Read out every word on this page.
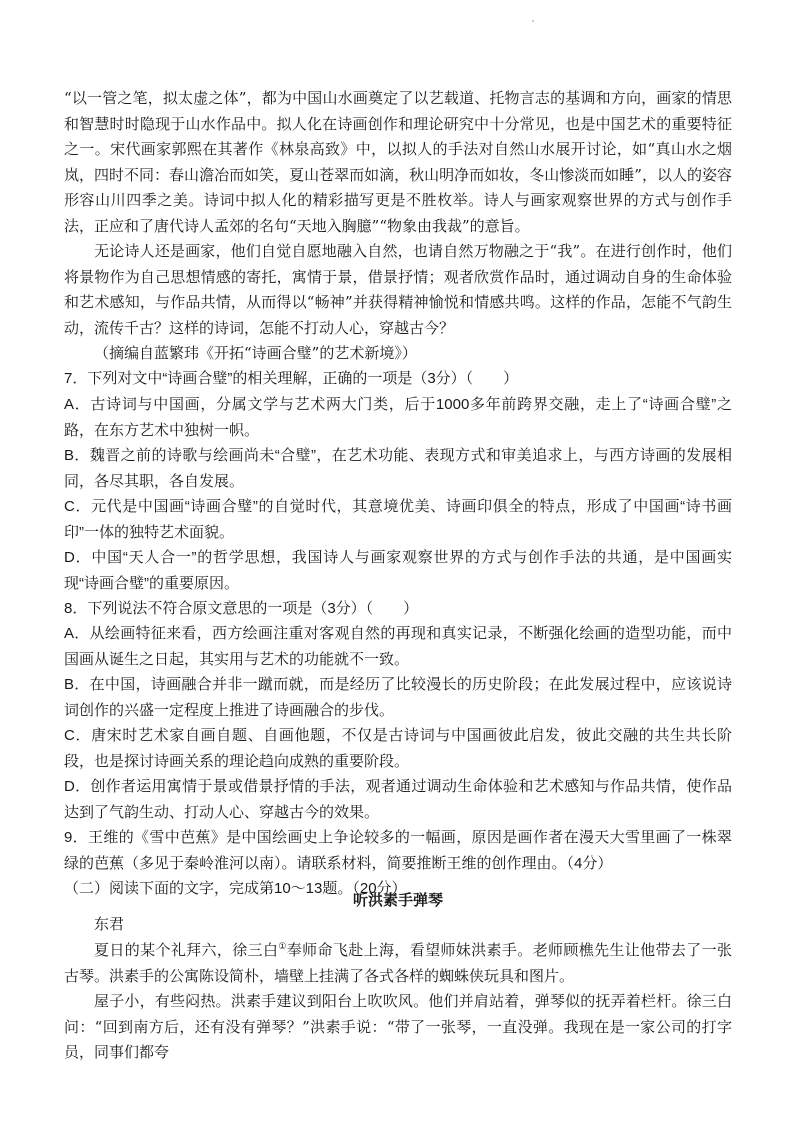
“以一管之笔，拟太虚之体”，都为中国山水画奠定了以艺载道、托物言志的基调和方向，画家的情思和智慧时时隐现于山水作品中。拟人化在诗画创作和理论研究中十分常见，也是中国艺术的重要特征之一。宋代画家郭熙在其著作《林泉高致》中，以拟人的手法对自然山水展开讨论，如“真山水之烟岚，四时不同：春山澹冶而如笑，夏山苍翠而如滴，秋山明净而如妆，冬山惨淡而如睡”，以人的姿容形容山川四季之美。诗词中拟人化的精彩描写更是不胜枚举。诗人与画家观察世界的方式与创作手法，正应和了唐代诗人孟郊的名句“天地入胸臆”“物象由我裁”的意旨。
无论诗人还是画家，他们自觉自愿地融入自然，也请自然万物融之于“我”。在进行创作时，他们将景物作为自己思想情感的寄托，寓情于景，借景抒情；观者欣赏作品时，通过调动自身的生命体验和艺术感知，与作品共情，从而得以“畅神”并获得精神愉悦和情感共鸣。这样的作品，怎能不气韵生动，流传千古？这样的诗词，怎能不打动人心，穿越古今？
（摘编自蓝繁玮《开拓“诗画合璧”的艺术新境》）
7．下列对文中“诗画合璧”的相关理解，正确的一项是（3分）（　　）
A．古诗词与中国画，分属文学与艺术两大门类，后于1000多年前跨界交融，走上了“诗画合璧”之路，在东方艺术中独树一帜。
B．魏晋之前的诗歌与绘画尚未“合璧”，在艺术功能、表现方式和审美追求上，与西方诗画的发展相同，各尽其职，各自发展。
C．元代是中国画“诗画合璧”的自觉时代，其意境优美、诗画印俱全的特点，形成了中国画“诗书画印”一体的独特艺术面貌。
D．中国“天人合一”的哲学思想，我国诗人与画家观察世界的方式与创作手法的共通，是中国画实现“诗画合璧”的重要原因。
8．下列说法不符合原文意思的一项是（3分）（　　）
A．从绘画特征来看，西方绘画注重对客观自然的再现和真实记录，不断强化绘画的造型功能，而中国画从诞生之日起，其实用与艺术的功能就不一致。
B．在中国，诗画融合并非一蹴而就，而是经历了比较漫长的历史阶段；在此发展过程中，应该说诗词创作的兴盛一定程度上推进了诗画融合的步伐。
C．唐宋时艺术家自画自题、自画他题，不仅是古诗词与中国画彼此启发，彼此交融的共生共长阶段，也是探讨诗画关系的理论趋向成熟的重要阶段。
D．创作者运用寓情于景或借景抒情的手法，观者通过调动生命体验和艺术感知与作品共情，使作品达到了气韵生动、打动人心、穿越古今的效果。
9．王维的《雪中芭蕉》是中国绘画史上争论较多的一幅画，原因是画作者在漫天大雪里画了一株翠绿的芭蕉（多见于秦岭淮河以南）。请联系材料，简要推断王维的创作理由。（4分）
（二）阅读下面的文字，完成第10～13题。（20分）
听洪素手弹琴
东君
夏日的某个礼拜六，徐三白①奉师命飞赴上海，看望师妹洪素手。老师顾樵先生让他带去了一张古琴。洪素手的公寓陈设简朴，墙壁上挂满了各式各样的蜘蛛侠玩具和图片。
屋子小，有些闷热。洪素手建议到阳台上吹吹风。他们并肩站着，弹琴似的抚弄着栏杆。徐三白问：“回到南方后，还有没有弹琴？”洪素手说：“带了一张琴，一直没弹。我现在是一家公司的打字员，同事们都夸
